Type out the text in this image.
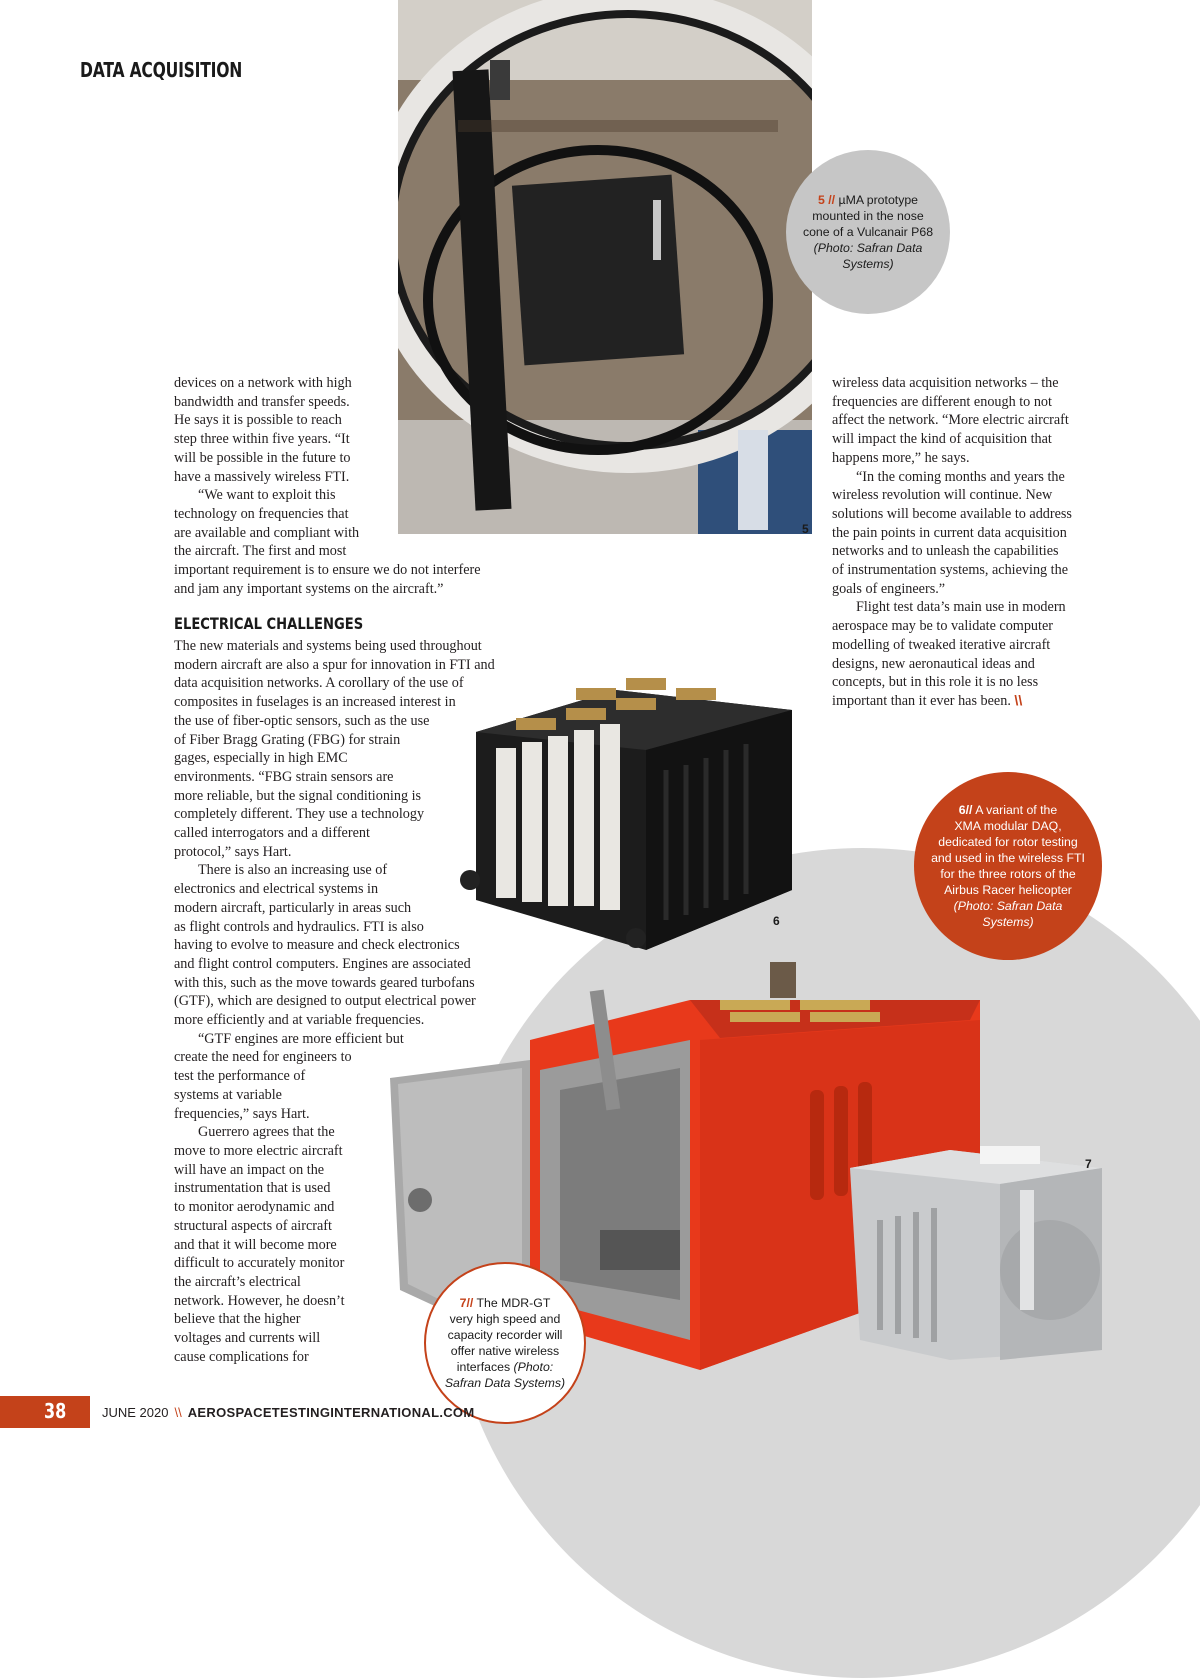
DATA ACQUISITION
5 // µMA prototype
mounted in the nose
cone of a Vulcanair P68
(Photo: Safran Data
Systems)
5
6
6// A variant of the
XMA modular DAQ,
dedicated for rotor testing
and used in the wireless FTI
for the three rotors of the
Airbus Racer helicopter
(Photo: Safran Data
Systems)
7
7// The MDR-GT
very high speed and
capacity recorder will
offer native wireless
interfaces (Photo:
Safran Data Systems)
devices on a network with high
bandwidth and transfer speeds.
He says it is possible to reach
step three within five years. “It
will be possible in the future to
have a massively wireless FTI.
“We want to exploit this
technology on frequencies that
are available and compliant with
the aircraft. The first and most
important requirement is to ensure we do not interfere
and jam any important systems on the aircraft.”
ELECTRICAL CHALLENGES
The new materials and systems being used throughout
modern aircraft are also a spur for innovation in FTI and
data acquisition networks. A corollary of the use of
composites in fuselages is an increased interest in
the use of fiber-optic sensors, such as the use
of Fiber Bragg Grating (FBG) for strain
gages, especially in high EMC
environments. “FBG strain sensors are
more reliable, but the signal conditioning is
completely different. They use a technology
called interrogators and a different
protocol,” says Hart.
There is also an increasing use of
electronics and electrical systems in
modern aircraft, particularly in areas such
as flight controls and hydraulics. FTI is also
having to evolve to measure and check electronics
and flight control computers. Engines are associated
with this, such as the move towards geared turbofans
(GTF), which are designed to output electrical power
more efficiently and at variable frequencies.
“GTF engines are more efficient but
create the need for engineers to
test the performance of
systems at variable
frequencies,” says Hart.
Guerrero agrees that the
move to more electric aircraft
will have an impact on the
instrumentation that is used
to monitor aerodynamic and
structural aspects of aircraft
and that it will become more
difficult to accurately monitor
the aircraft’s electrical
network. However, he doesn’t
believe that the higher
voltages and currents will
cause complications for
wireless data acquisition networks – the
frequencies are different enough to not
affect the network. “More electric aircraft
will impact the kind of acquisition that
happens more,” he says.
“In the coming months and years the
wireless revolution will continue. New
solutions will become available to address
the pain points in current data acquisition
networks and to unleash the capabilities
of instrumentation systems, achieving the
goals of engineers.”
Flight test data’s main use in modern
aerospace may be to validate computer
modelling of tweaked iterative aircraft
designs, new aeronautical ideas and
concepts, but in this role it is no less
important than it ever has been. \\
38	JUNE 2020 \\ AEROSPACETESTINGINTERNATIONAL.COM
